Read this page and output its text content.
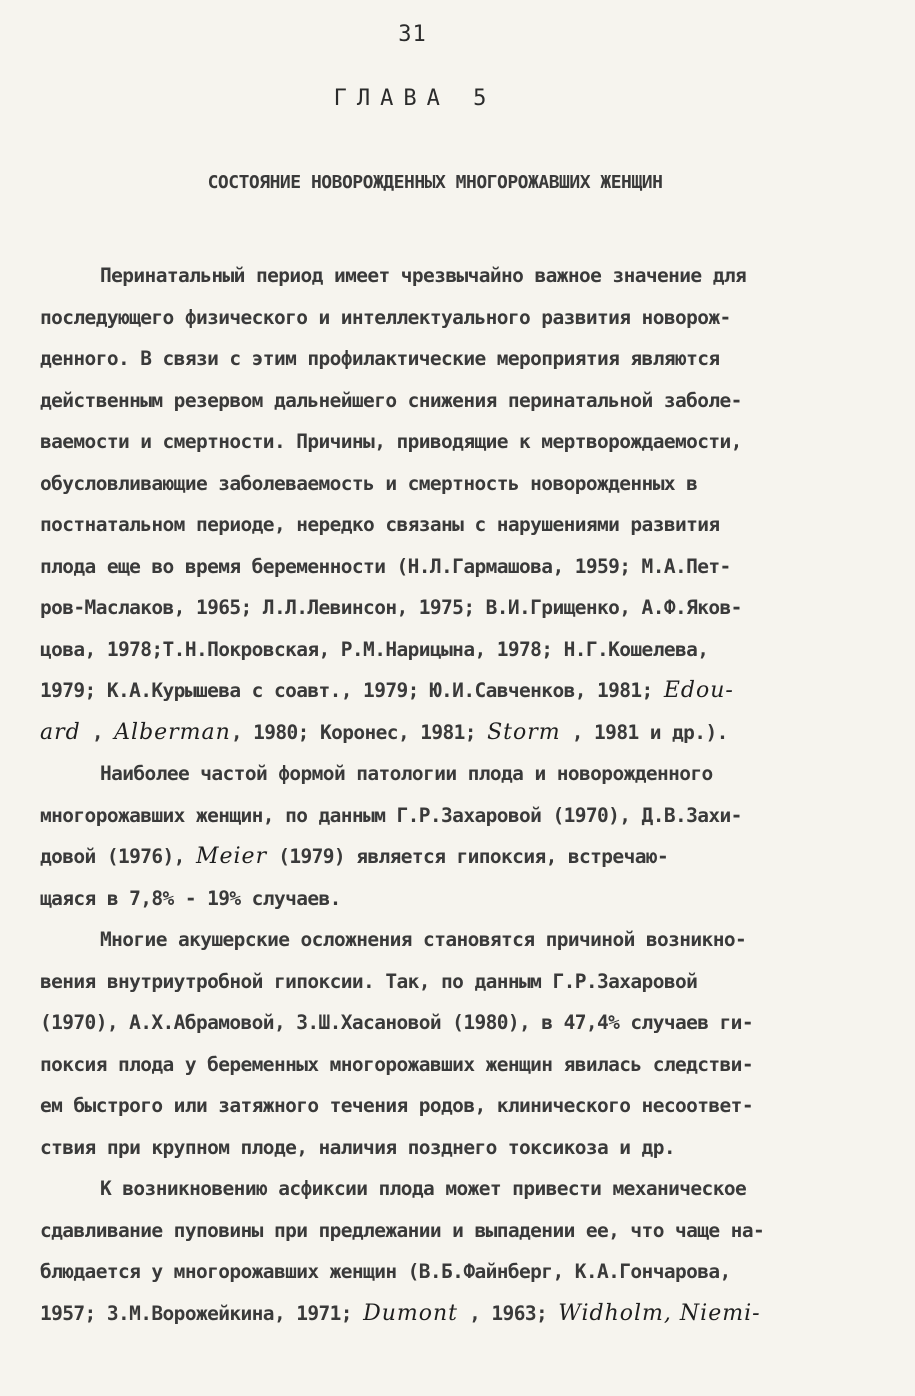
31
ГЛАВА 5
СОСТОЯНИЕ НОВОРОЖДЕННЫХ МНОГОРОЖАВШИХ ЖЕНЩИН
Перинатальный период имеет чрезвычайно важное значение для
последующего физического и интеллектуального развития новорож-
денного. В связи с этим профилактические мероприятия являются
действенным резервом дальнейшего снижения перинатальной заболе-
ваемости и смертности. Причины, приводящие к мертворождаемости,
обусловливающие заболеваемость и смертность новорожденных в
постнатальном периоде, нередко связаны с нарушениями развития
плода еще во время беременности (Н.Л.Гармашова, 1959; М.А.Пет-
ров-Маслаков, 1965; Л.Л.Левинсон, 1975; В.И.Грищенко, А.Ф.Яков-
цова, 1978;Т.Н.Покровская, Р.М.Нарицына, 1978; Н.Г.Кошелева,
1979; К.А.Курышева с соавт., 1979; Ю.И.Савченков, 1981; Edou-
ard , Alberman, 1980; Коронес, 1981; Storm , 1981 и др.).
Наиболее частой формой патологии плода и новорожденного
многорожавших женщин, по данным Г.Р.Захаровой (1970), Д.В.Захи-
довой (1976), Meier (1979) является гипоксия, встречаю-
щаяся в 7,8% - 19% случаев.
Многие акушерские осложнения становятся причиной возникно-
вения внутриутробной гипоксии. Так, по данным Г.Р.Захаровой
(1970), А.Х.Абрамовой, З.Ш.Хасановой (1980), в 47,4% случаев ги-
поксия плода у беременных многорожавших женщин явилась следстви-
ем быстрого или затяжного течения родов, клинического несоответ-
ствия при крупном плоде, наличия позднего токсикоза и др.
К возникновению асфиксии плода может привести механическое
сдавливание пуповины при предлежании и выпадении ее, что чаще на-
блюдается у многорожавших женщин (В.Б.Файнберг, К.А.Гончарова,
1957; З.М.Ворожейкина, 1971; Dumont , 1963; Widholm, Niemi-
